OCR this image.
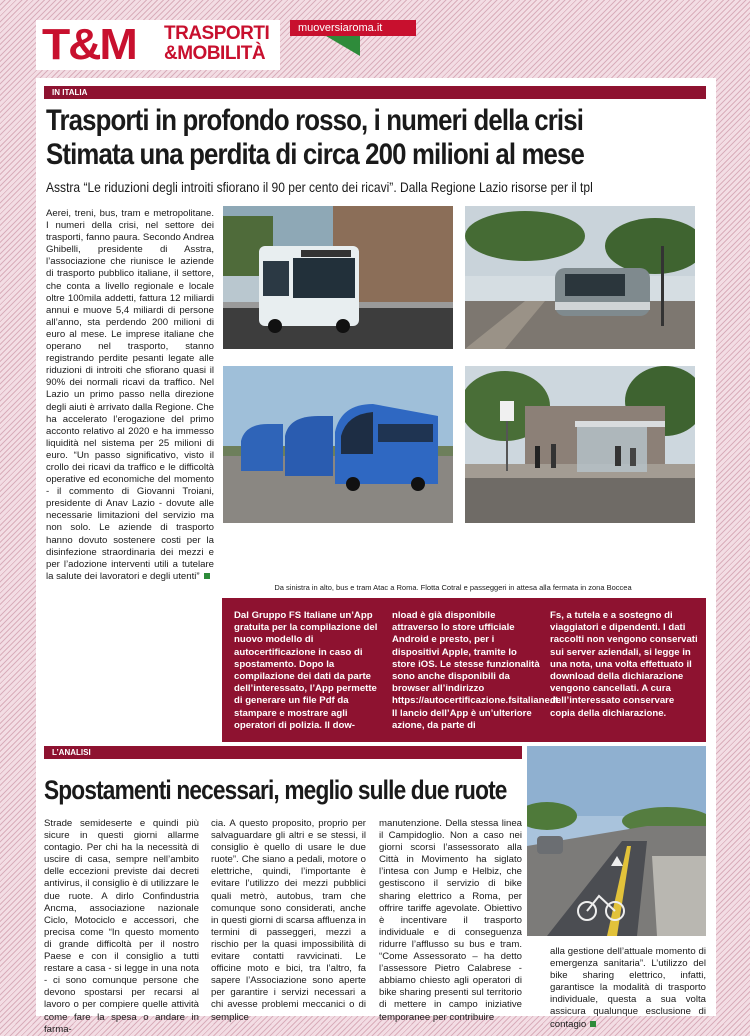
T&M TRASPORTI
&MOBILITÀ
muoversiaroma.it
IN ITALIA
Trasporti in profondo rosso, i numeri della crisi
Stimata una perdita di circa 200 milioni al mese
Asstra “Le riduzioni degli introiti sfiorano il 90 per cento dei ricavi”. Dalla Regione Lazio risorse per il tpl
Aerei, treni, bus, tram e metropolitane. I numeri della crisi, nel settore dei trasporti, fanno paura. Secondo Andrea Ghibelli, presidente di Asstra, l’associazione che riunisce le aziende di trasporto pubblico italiane, il settore, che conta a livello regionale e locale oltre 100mila addetti, fattura 12 miliardi annui e muove 5,4 miliardi di persone all’anno, sta perdendo 200 milioni di euro al mese. Le imprese italiane che operano nel trasporto, stanno registrando perdite pesanti legate alle riduzioni di introiti che sfiorano quasi il 90% dei normali ricavi da traffico. Nel Lazio un primo passo nella direzione degli aiuti è arrivato dalla Regione. Che ha accelerato l’erogazione del primo acconto relativo al 2020 e ha immesso liquidità nel sistema per 25 milioni di euro. “Un passo significativo, visto il crollo dei ricavi da traffico e le difficoltà operative ed economiche del momento - il commento di Giovanni Troiani, presidente di Anav Lazio - dovute alle necessarie limitazioni del servizio ma non solo. Le aziende di trasporto hanno dovuto sostenere costi per la disinfezione straordinaria dei mezzi e per l’adozione interventi utili a tutelare la salute dei lavoratori e degli utenti”
Da sinistra in alto, bus e tram Atac a Roma. Flotta Cotral e passeggeri in attesa alla fermata in zona Boccea
Dal Gruppo FS Italiane un’App gratuita per la compilazione del nuovo modello di autocertificazione in caso di spostamento. Dopo la compilazione dei dati da parte dell’interessato, l’App permette di generare un file Pdf da stampare e mostrare agli operatori di polizia. Il dow-
nload è già disponibile attraverso lo store ufficiale Android e presto, per i dispositivi Apple, tramite lo store iOS. Le stesse funzionalità sono anche disponibili da browser all’indirizzo https://autocertificazione.fsitaliane.it. Il lancio dell’App è un’ulteriore azione, da parte di
Fs, a tutela e a sostegno di viaggiatori e dipendenti. I dati raccolti non vengono conservati sui server aziendali, si legge in una nota, una volta effettuato il download della dichiarazione vengono cancellati. A cura dell’interessato conservare copia della dichiarazione.
L’ANALISI
Spostamenti necessari, meglio sulle due ruote
Strade semideserte e quindi più sicure in questi giorni allarme contagio. Per chi ha la necessità di uscire di casa, sempre nell’ambito delle eccezioni previste dai decreti antivirus, il consiglio è di utilizzare le due ruote. A dirlo Confindustria Ancma, associazione nazionale Ciclo, Motociclo e accessori, che precisa come “In questo momento di grande difficoltà per il nostro Paese e con il consiglio a tutti restare a casa - si legge in una nota - ci sono comunque persone che devono spostarsi per recarsi al lavoro o per compiere quelle attività come fare la spesa o andare in farma-
cia. A questo proposito, proprio per salvaguardare gli altri e se stessi, il consiglio è quello di usare le due ruote”. Che siano a pedali, motore o elettriche, quindi, l’importante è evitare l’utilizzo dei mezzi pubblici quali metrò, autobus, tram che comunque sono considerati, anche in questi giorni di scarsa affluenza in termini di passeggeri, mezzi a rischio per la quasi impossibilità di evitare contatti ravvicinati. Le officine moto e bici, tra l’altro, fa sapere l’Associazione sono aperte per garantire i servizi necessari a chi avesse problemi meccanici o di semplice
manutenzione. Della stessa linea il Campidoglio. Non a caso nei giorni scorsi l’assessorato alla Città in Movimento ha siglato l’intesa con Jump e Helbiz, che gestiscono il servizio di bike sharing elettrico a Roma, per offrire tariffe agevolate. Obiettivo è incentivare il trasporto individuale e di conseguenza ridurre l’afflusso su bus e tram. “Come Assessorato – ha detto l’assessore Pietro Calabrese - abbiamo chiesto agli operatori di bike sharing presenti sul territorio di mettere in campo iniziative temporanee per contribuire
alla gestione dell’attuale momento di emergenza sanitaria”. L’utilizzo del bike sharing elettrico, infatti, garantisce la modalità di trasporto individuale, questa a sua volta assicura qualunque esclusione di contagio
